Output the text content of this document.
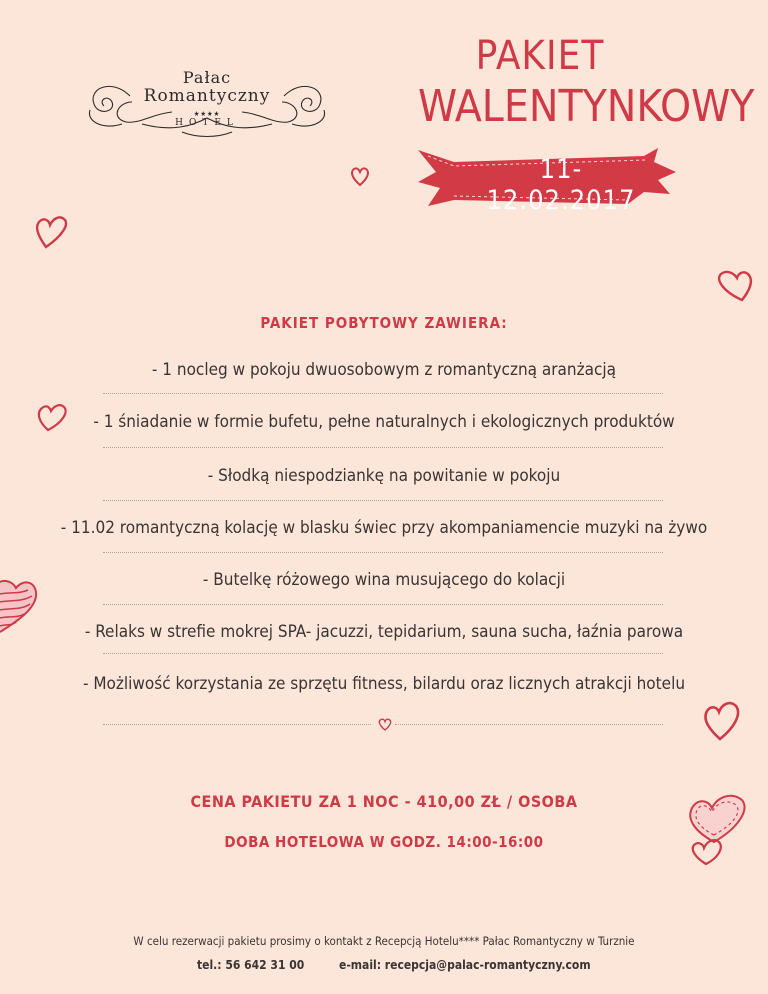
Pałac
Romantyczny
★★★★
HOTEL
PAKIET
WALENTYNKOWY
11-12.02.2017
PAKIET POBYTOWY ZAWIERA:
- 1 nocleg w pokoju dwuosobowym z romantyczną aranżacją
- 1 śniadanie w formie bufetu, pełne naturalnych i ekologicznych produktów
- Słodką niespodziankę na powitanie w pokoju
- 11.02 romantyczną kolację w blasku świec przy akompaniamencie muzyki na żywo
- Butelkę różowego wina musującego do kolacji
- Relaks w strefie mokrej SPA- jacuzzi, tepidarium, sauna sucha, łaźnia parowa
- Możliwość korzystania ze sprzętu fitness, bilardu oraz licznych atrakcji hotelu
CENA PAKIETU ZA 1 NOC - 410,00 ZŁ / OSOBA
DOBA HOTELOWA W GODZ. 14:00-16:00
W celu rezerwacji pakietu prosimy o kontakt z Recepcją Hotelu**** Pałac Romantyczny w Turznie
tel.: 56 642 31 00	e-mail: recepcja@palac-romantyczny.com
